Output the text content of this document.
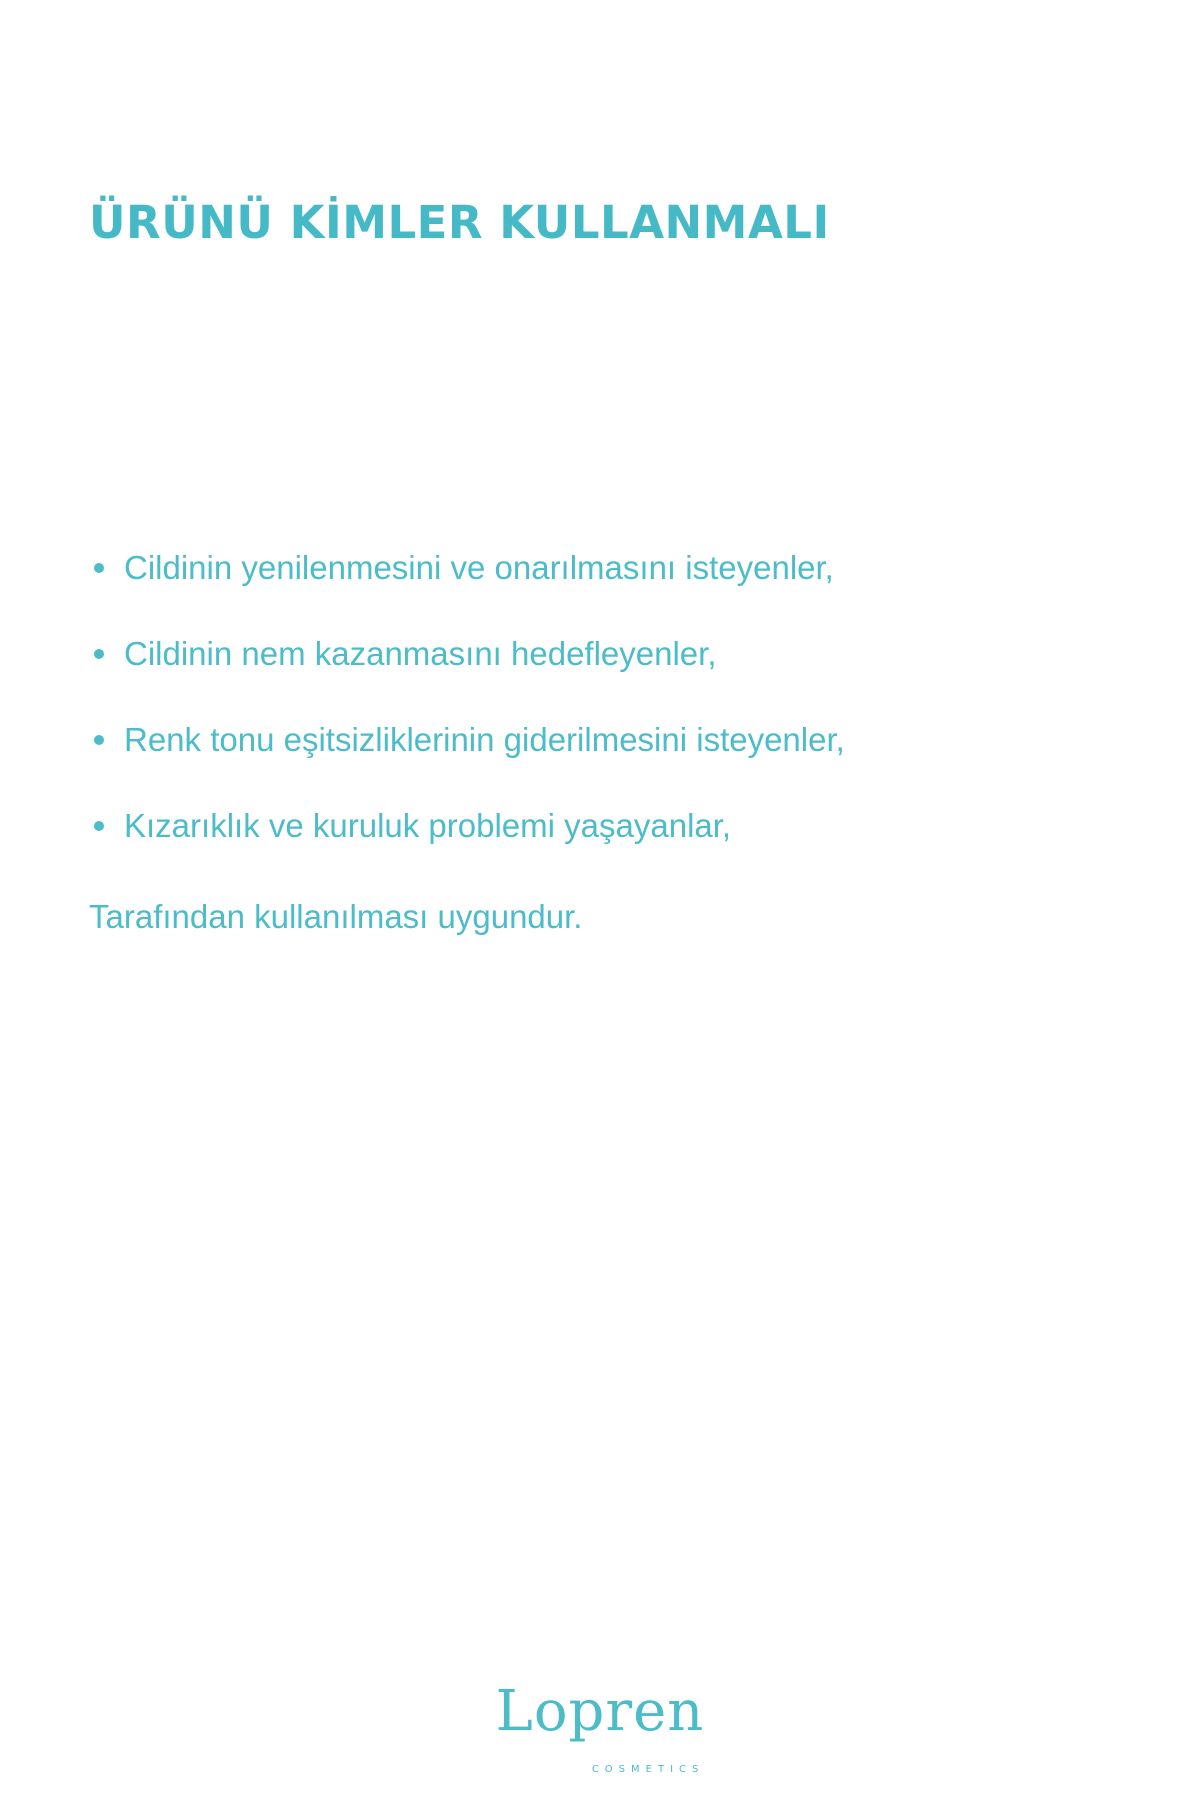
ÜRÜNÜ KİMLER KULLANMALI
Cildinin yenilenmesini ve onarılmasını isteyenler,
Cildinin nem kazanmasını hedefleyenler,
Renk tonu eşitsizliklerinin giderilmesini isteyenler,
Kızarıklık ve kuruluk problemi yaşayanlar,

Tarafından kullanılması uygundur.

Lopren
COSMETICS
